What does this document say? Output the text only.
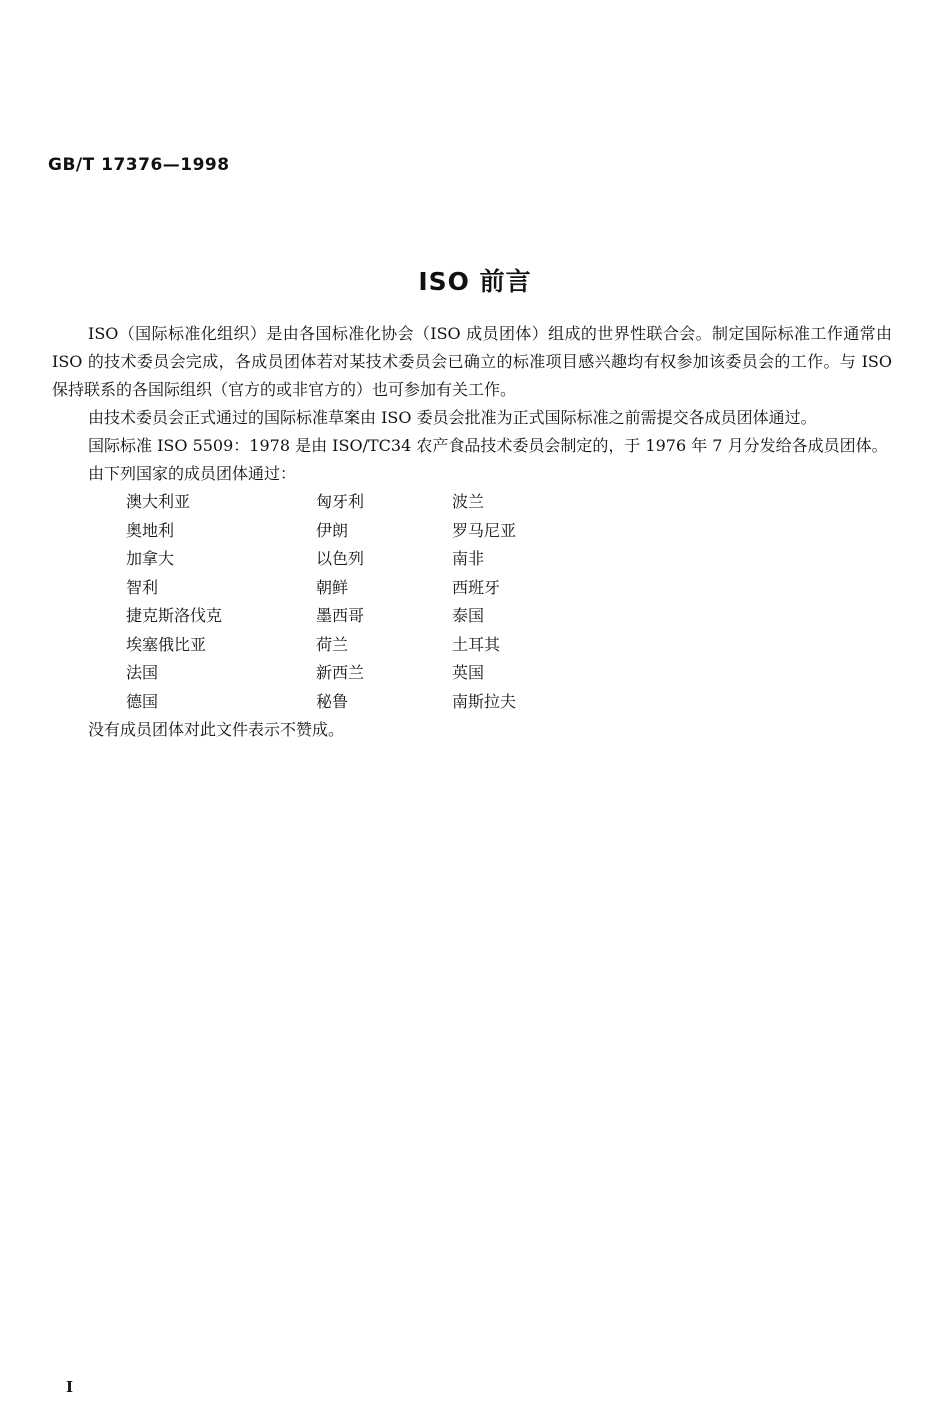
GB/T 17376—1998
ISO 前言

ISO（国际标准化组织）是由各国标准化协会（ISO 成员团体）组成的世界性联合会。制定国际标准工作通常由 ISO 的技术委员会完成，各成员团体若对某技术委员会已确立的标准项目感兴趣均有权参加该委员会的工作。与 ISO 保持联系的各国际组织（官方的或非官方的）也可参加有关工作。

由技术委员会正式通过的国际标准草案由 ISO 委员会批准为正式国际标准之前需提交各成员团体通过。

国际标准 ISO 5509：1978 是由 ISO/TC34 农产食品技术委员会制定的，于 1976 年 7 月分发给各成员团体。

由下列国家的成员团体通过：

澳大利亚	匈牙利	波兰
奥地利	伊朗	罗马尼亚
加拿大	以色列	南非
智利	朝鲜	西班牙
捷克斯洛伐克	墨西哥	泰国
埃塞俄比亚	荷兰	土耳其
法国	新西兰	英国
德国	秘鲁	南斯拉夫

没有成员团体对此文件表示不赞成。

I
